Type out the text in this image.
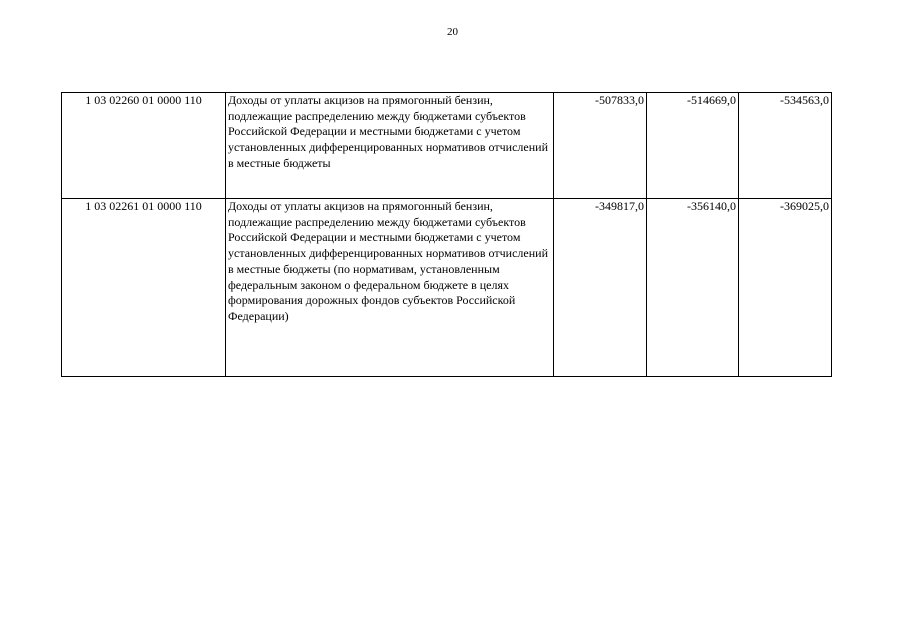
20
1 03 02260 01 0000 110	Доходы от уплаты акцизов на прямогонный бензин, подлежащие распределению между бюджетами субъектов Российской Федерации и местными бюджетами с учетом установленных дифференцированных нормативов отчислений в местные бюджеты	-507833,0	-514669,0	-534563,0
1 03 02261 01 0000 110	Доходы от уплаты акцизов на прямогонный бензин, подлежащие распределению между бюджетами субъектов Российской Федерации и местными бюджетами с учетом установленных дифференцированных нормативов отчислений в местные бюджеты (по нормативам, установленным федеральным законом о федеральном бюджете в целях формирования дорожных фондов субъектов Российской Федерации)	-349817,0	-356140,0	-369025,0
